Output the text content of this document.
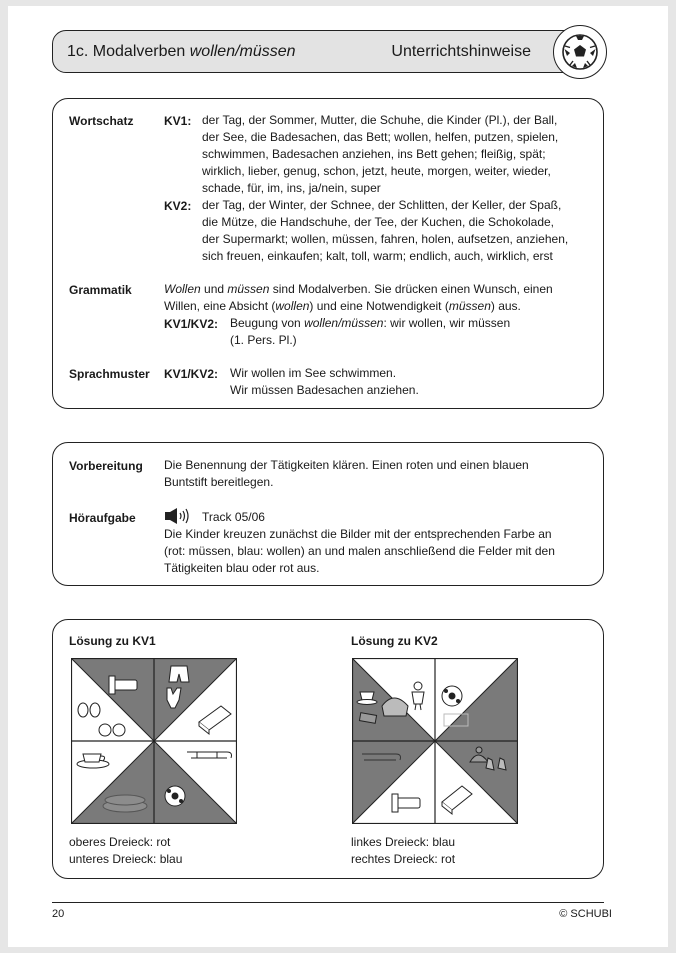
1c. Modalverben wollen/müssen	Unterrichtshinweise
Wortschatz	KV1: der Tag, der Sommer, Mutter, die Schuhe, die Kinder (Pl.), der Ball,
der See, die Badesachen, das Bett; wollen, helfen, putzen, spielen,
schwimmen, Badesachen anziehen, ins Bett gehen; fleißig, spät;
wirklich, lieber, genug, schon, jetzt, heute, morgen, weiter, wieder,
schade, für, im, ins, ja/nein, super
KV2: der Tag, der Winter, der Schnee, der Schlitten, der Keller, der Spaß,
die Mütze, die Handschuhe, der Tee, der Kuchen, die Schokolade,
der Supermarkt; wollen, müssen, fahren, holen, aufsetzen, anziehen,
sich freuen, einkaufen; kalt, toll, warm; endlich, auch, wirklich, erst
Grammatik	Wollen und müssen sind Modalverben. Sie drücken einen Wunsch, einen
Willen, eine Absicht (wollen) und eine Notwendigkeit (müssen) aus.
KV1/KV2: Beugung von wollen/müssen: wir wollen, wir müssen
(1. Pers. Pl.)
Sprachmuster KV1/KV2: Wir wollen im See schwimmen.
Wir müssen Badesachen anziehen.
Vorbereitung Die Benennung der Tätigkeiten klären. Einen roten und einen blauen
Buntstift bereitlegen.
Höraufgabe	Track 05/06
Die Kinder kreuzen zunächst die Bilder mit der entsprechenden Farbe an
(rot: müssen, blau: wollen) an und malen anschließend die Felder mit den
Tätigkeiten blau oder rot aus.
Lösung zu KV1	Lösung zu KV2
oberes Dreieck: rot
unteres Dreieck: blau
linkes Dreieck: blau
rechtes Dreieck: rot
20	© SCHUBI
